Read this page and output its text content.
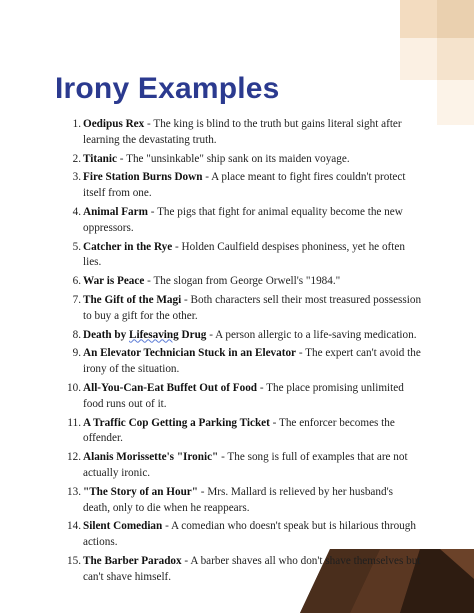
Irony Examples
1. Oedipus Rex - The king is blind to the truth but gains literal sight after learning the devastating truth.
2. Titanic - The "unsinkable" ship sank on its maiden voyage.
3. Fire Station Burns Down - A place meant to fight fires couldn't protect itself from one.
4. Animal Farm - The pigs that fight for animal equality become the new oppressors.
5. Catcher in the Rye - Holden Caulfield despises phoniness, yet he often lies.
6. War is Peace - The slogan from George Orwell's "1984."
7. The Gift of the Magi - Both characters sell their most treasured possession to buy a gift for the other.
8. Death by Lifesaving Drug - A person allergic to a life-saving medication.
9. An Elevator Technician Stuck in an Elevator - The expert can't avoid the irony of the situation.
10. All-You-Can-Eat Buffet Out of Food - The place promising unlimited food runs out of it.
11. A Traffic Cop Getting a Parking Ticket - The enforcer becomes the offender.
12. Alanis Morissette's "Ironic" - The song is full of examples that are not actually ironic.
13. "The Story of an Hour" - Mrs. Mallard is relieved by her husband's death, only to die when he reappears.
14. Silent Comedian - A comedian who doesn't speak but is hilarious through actions.
15. The Barber Paradox - A barber shaves all who don't shave themselves but can't shave himself.
